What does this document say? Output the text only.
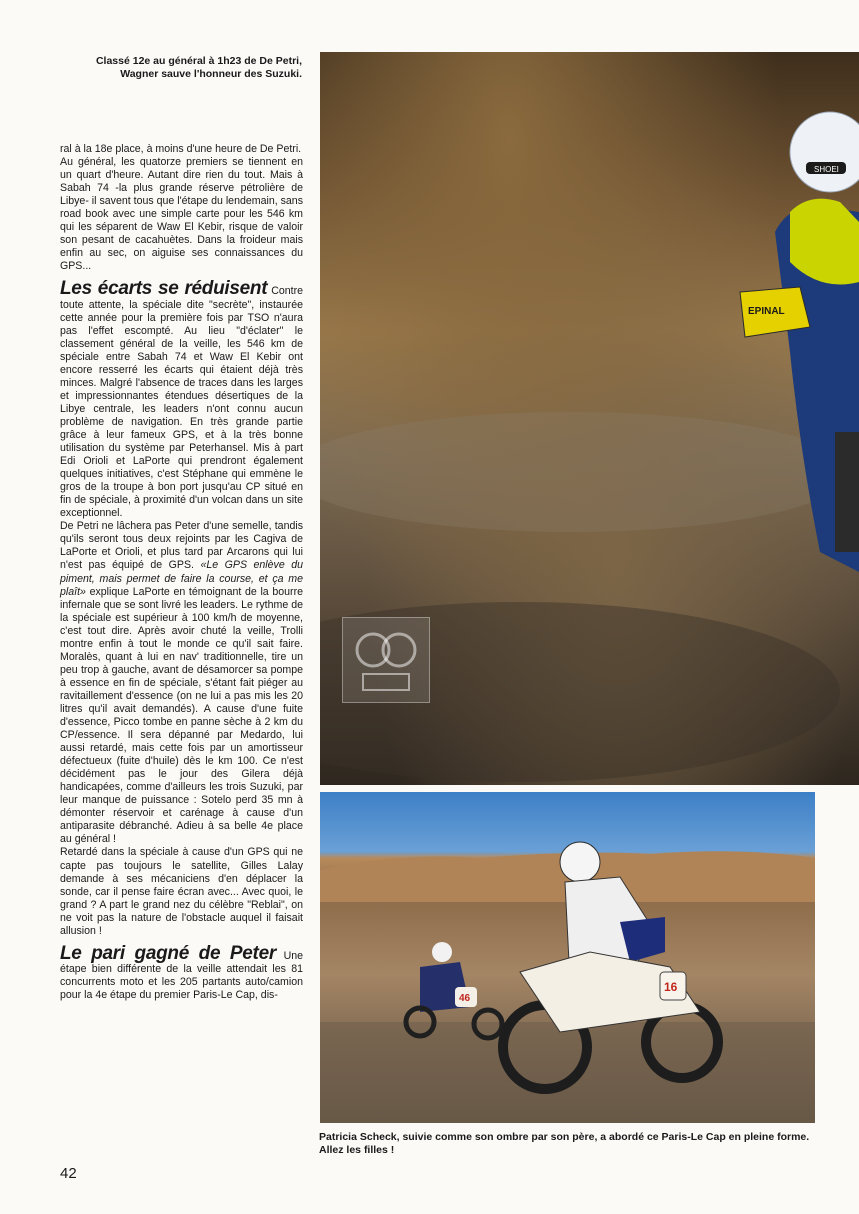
Classé 12e au général à 1h23 de De Petri,
Wagner sauve l'honneur des Suzuki.

ral à la 18e place, à moins d'une heure de De Petri.

Au général, les quatorze premiers se tiennent en un quart d'heure. Autant dire rien du tout. Mais à Sabah 74 -la plus grande réserve pétrolière de Libye- il savent tous que l'étape du lendemain, sans road book avec une simple carte pour les 546 km qui les séparent de Waw El Kebir, risque de valoir son pesant de cacahuètes. Dans la froideur mais enfin au sec, on aiguise ses connaissances du GPS...

Les écarts se réduisent Contre toute attente, la spéciale dite "secrète", instaurée cette année pour la première fois par TSO n'aura pas l'effet escompté. Au lieu "d'éclater" le classement général de la veille, les 546 km de spéciale entre Sabah 74 et Waw El Kebir ont encore resserré les écarts qui étaient déjà très minces. Malgré l'absence de traces dans les larges et impressionnantes étendues désertiques de la Libye centrale, les leaders n'ont connu aucun problème de navigation. En très grande partie grâce à leur fameux GPS, et à la très bonne utilisation du système par Peterhansel. Mis à part Edi Orioli et LaPorte qui prendront également quelques initiatives, c'est Stéphane qui emmène le gros de la troupe à bon port jusqu'au CP situé en fin de spéciale, à proximité d'un volcan dans un site exceptionnel.

De Petri ne lâchera pas Peter d'une semelle, tandis qu'ils seront tous deux rejoints par les Cagiva de LaPorte et Orioli, et plus tard par Arcarons qui lui n'est pas équipé de GPS. «Le GPS enlève du piment, mais permet de faire la course, et ça me plaît» explique LaPorte en témoignant de la bourre infernale que se sont livré les leaders. Le rythme de la spéciale est supérieur à 100 km/h de moyenne, c'est tout dire. Après avoir chuté la veille, Trolli montre enfin à tout le monde ce qu'il sait faire. Moralès, quant à lui en nav' traditionnelle, tire un peu trop à gauche, avant de désamorcer sa pompe à essence en fin de spéciale, s'étant fait piéger au ravitaillement d'essence (on ne lui a pas mis les 20 litres qu'il avait demandés). A cause d'une fuite d'essence, Picco tombe en panne sèche à 2 km du CP/essence. Il sera dépanné par Medardo, lui aussi retardé, mais cette fois par un amortisseur défectueux (fuite d'huile) dès le km 100. Ce n'est décidément pas le jour des Gilera déjà handicapées, comme d'ailleurs les trois Suzuki, par leur manque de puissance : Sotelo perd 35 mn à démonter réservoir et carénage à cause d'un antiparasite débranché. Adieu à sa belle 4e place au général !

Retardé dans la spéciale à cause d'un GPS qui ne capte pas toujours le satellite, Gilles Lalay demande à ses mécaniciens d'en déplacer la sonde, car il pense faire écran avec... Avec quoi, le grand ? A part le grand nez du célèbre "Reblai", on ne voit pas la nature de l'obstacle auquel il faisait allusion !

Le pari gagné de Peter Une étape bien différente de la veille attendait les 81 concurrents moto et les 205 partants auto/camion pour la 4e étape du premier Paris-Le Cap, dis-

SHOEI
EPINAL
46
16
Patricia Scheck, suivie comme son ombre par son père, a abordé ce Paris-Le Cap en pleine forme. Allez les filles !
42
